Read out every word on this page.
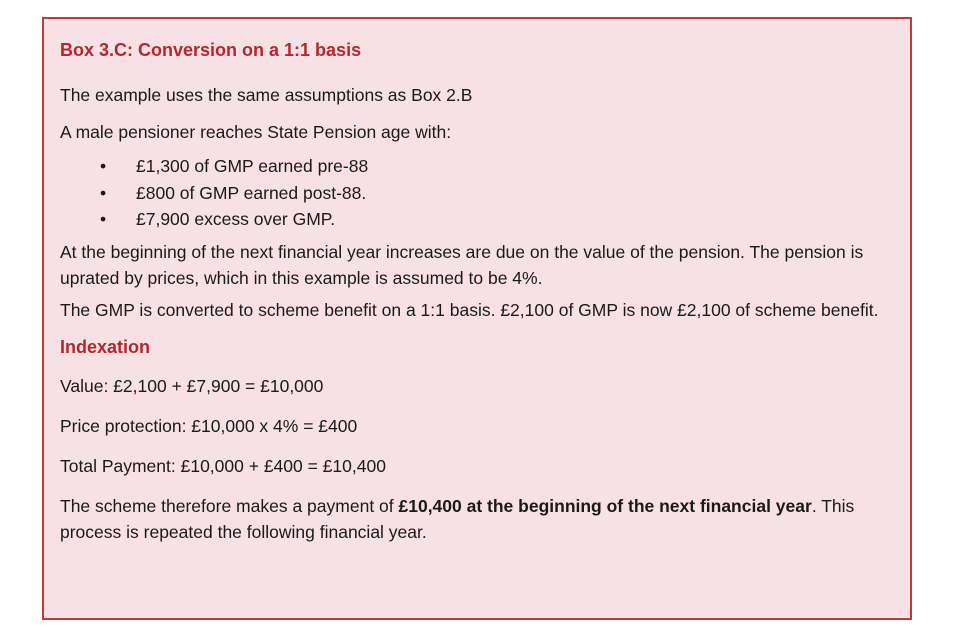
Box 3.C: Conversion on a 1:1 basis

The example uses the same assumptions as Box 2.B

A male pensioner reaches State Pension age with:

• £1,300 of GMP earned pre-88
• £800 of GMP earned post-88.
• £7,900 excess over GMP.

At the beginning of the next financial year increases are due on the value of the pension. The pension is uprated by prices, which in this example is assumed to be 4%.

The GMP is converted to scheme benefit on a 1:1 basis. £2,100 of GMP is now £2,100 of scheme benefit.

Indexation

Value: £2,100 + £7,900 = £10,000

Price protection: £10,000 x 4% = £400

Total Payment: £10,000 + £400 = £10,400

The scheme therefore makes a payment of £10,400 at the beginning of the next financial year. This process is repeated the following financial year.
